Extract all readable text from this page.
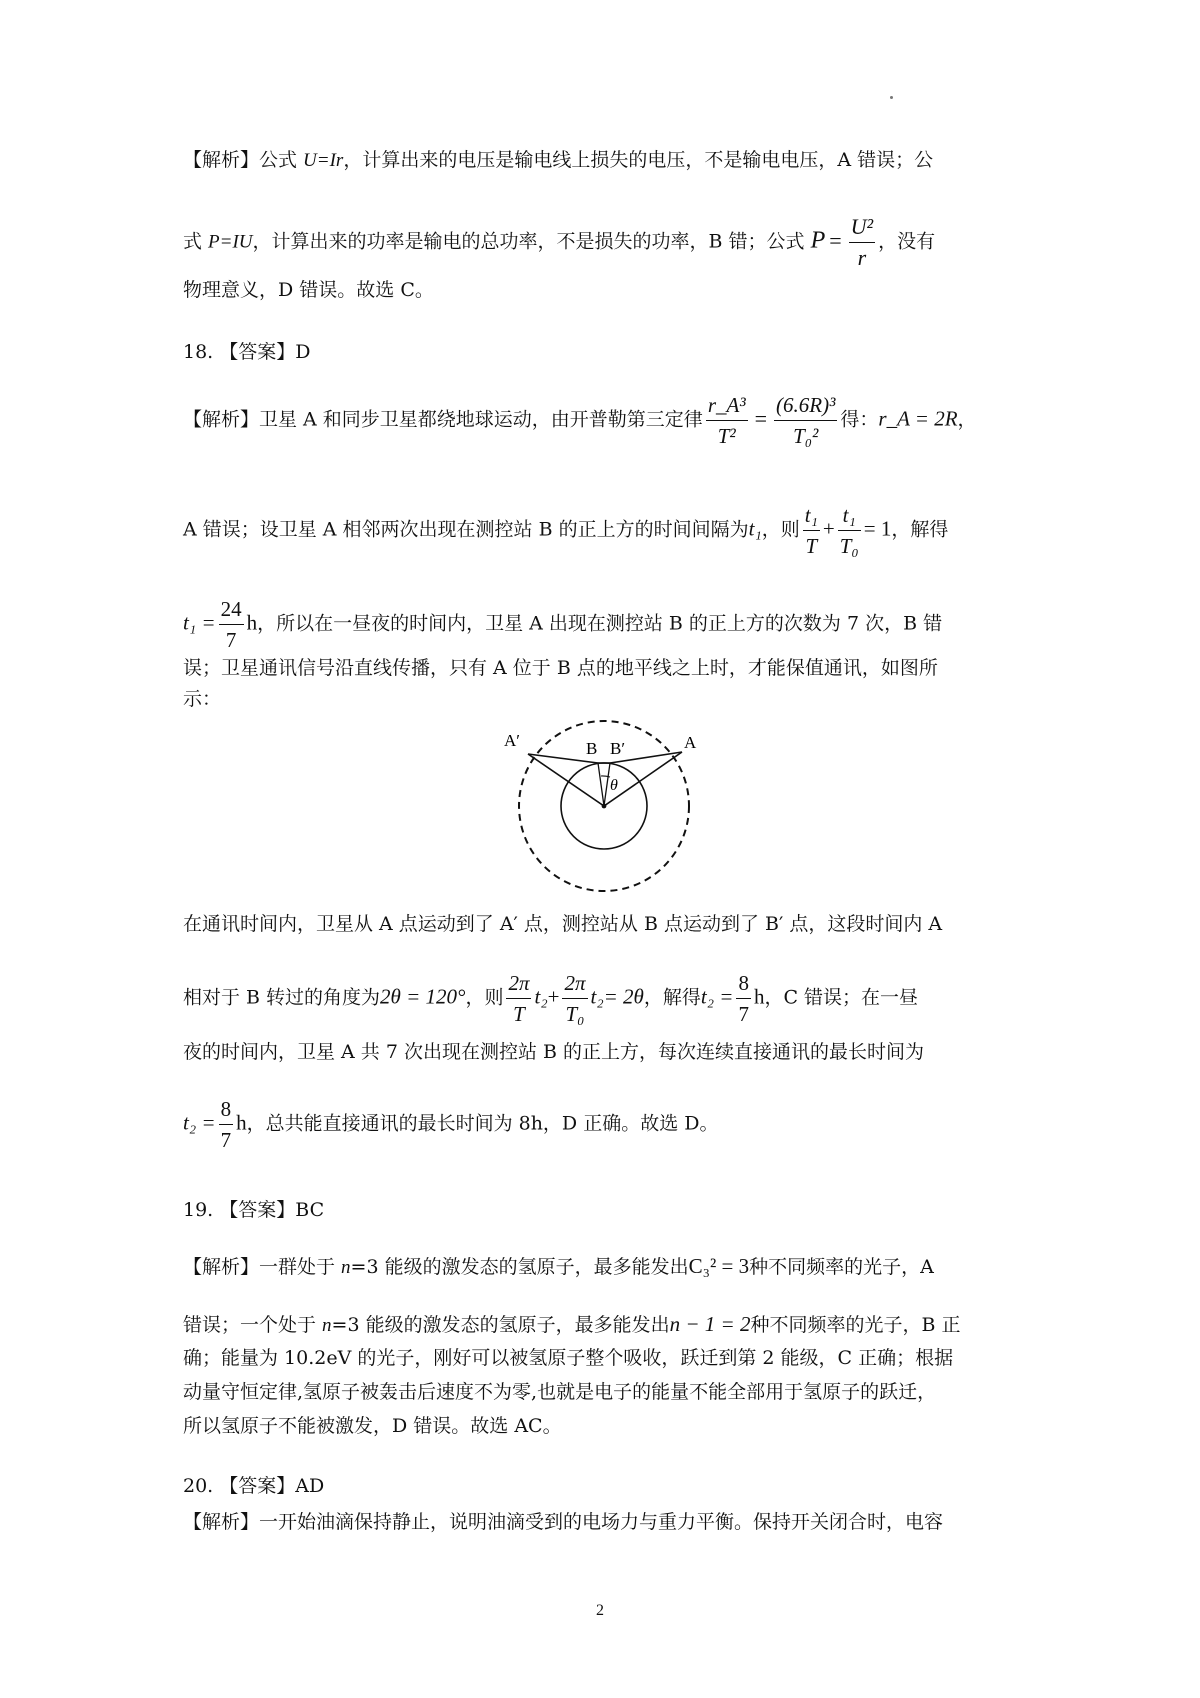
【解析】公式 U=Ir，计算出来的电压是输电线上损失的电压，不是输电电压，A 错误；公
式 P=IU，计算出来的功率是输电的总功率，不是损失的功率，B 错；公式 $P = \frac{\text{U²}}{r}$ ，没有
物理意义，D 错误。故选 C。
18. 【答案】D
【解析】卫星 A 和同步卫星都绕地球运动，由开普勒第三定律 $\frac{\text{r\_A³}}{\text{T²}} = \frac{\text{(6.6R)³}}{\text{T₀²}}$ 得：r_A = 2R，
A 错误；设卫星 A 相邻两次出现在测控站 B 的正上方的时间间隔为t₁，则 $\frac{\text{t₁}}{T} + \frac{\text{t₁}}{\text{T₀}} = 1$，解得
$t_1 = \frac{24}{7}$ h，所以在一昼夜的时间内，卫星 A 出现在测控站 B 的正上方的次数为 7 次，B 错
误；卫星通讯信号沿直线传播，只有 A 位于 B 点的地平线之上时，才能保值通讯，如图所
示：
A′	B B′	A
θ
在通讯时间内，卫星从 A 点运动到了 A′ 点，测控站从 B 点运动到了 B′ 点，这段时间内 A
相对于 B 转过的角度为2θ = 120°，则 $\frac{2\pi}{T} t_2+ \frac{2\pi}{\text{T₀}} t_2= 2\theta$，解得$t_2 = \frac{8}{7}$ h，C 错误；在一昼
夜的时间内，卫星 A 共 7 次出现在测控站 B 的正上方，每次连续直接通讯的最长时间为
$t_2 = \frac{8}{7}$ h，总共能直接通讯的最长时间为 8h，D 正确。故选 D。
19. 【答案】BC
【解析】一群处于 n=3 能级的激发态的氢原子，最多能发出C₃² = 3种不同频率的光子，A
错误；一个处于 n=3 能级的激发态的氢原子，最多能发出n − 1 = 2种不同频率的光子，B 正
确；能量为 10.2eV 的光子，刚好可以被氢原子整个吸收，跃迁到第 2 能级，C 正确；根据
动量守恒定律,氢原子被轰击后速度不为零,也就是电子的能量不能全部用于氢原子的跃迁，
所以氢原子不能被激发，D 错误。故选 AC。
20. 【答案】AD
【解析】一开始油滴保持静止，说明油滴受到的电场力与重力平衡。保持开关闭合时，电容
2
